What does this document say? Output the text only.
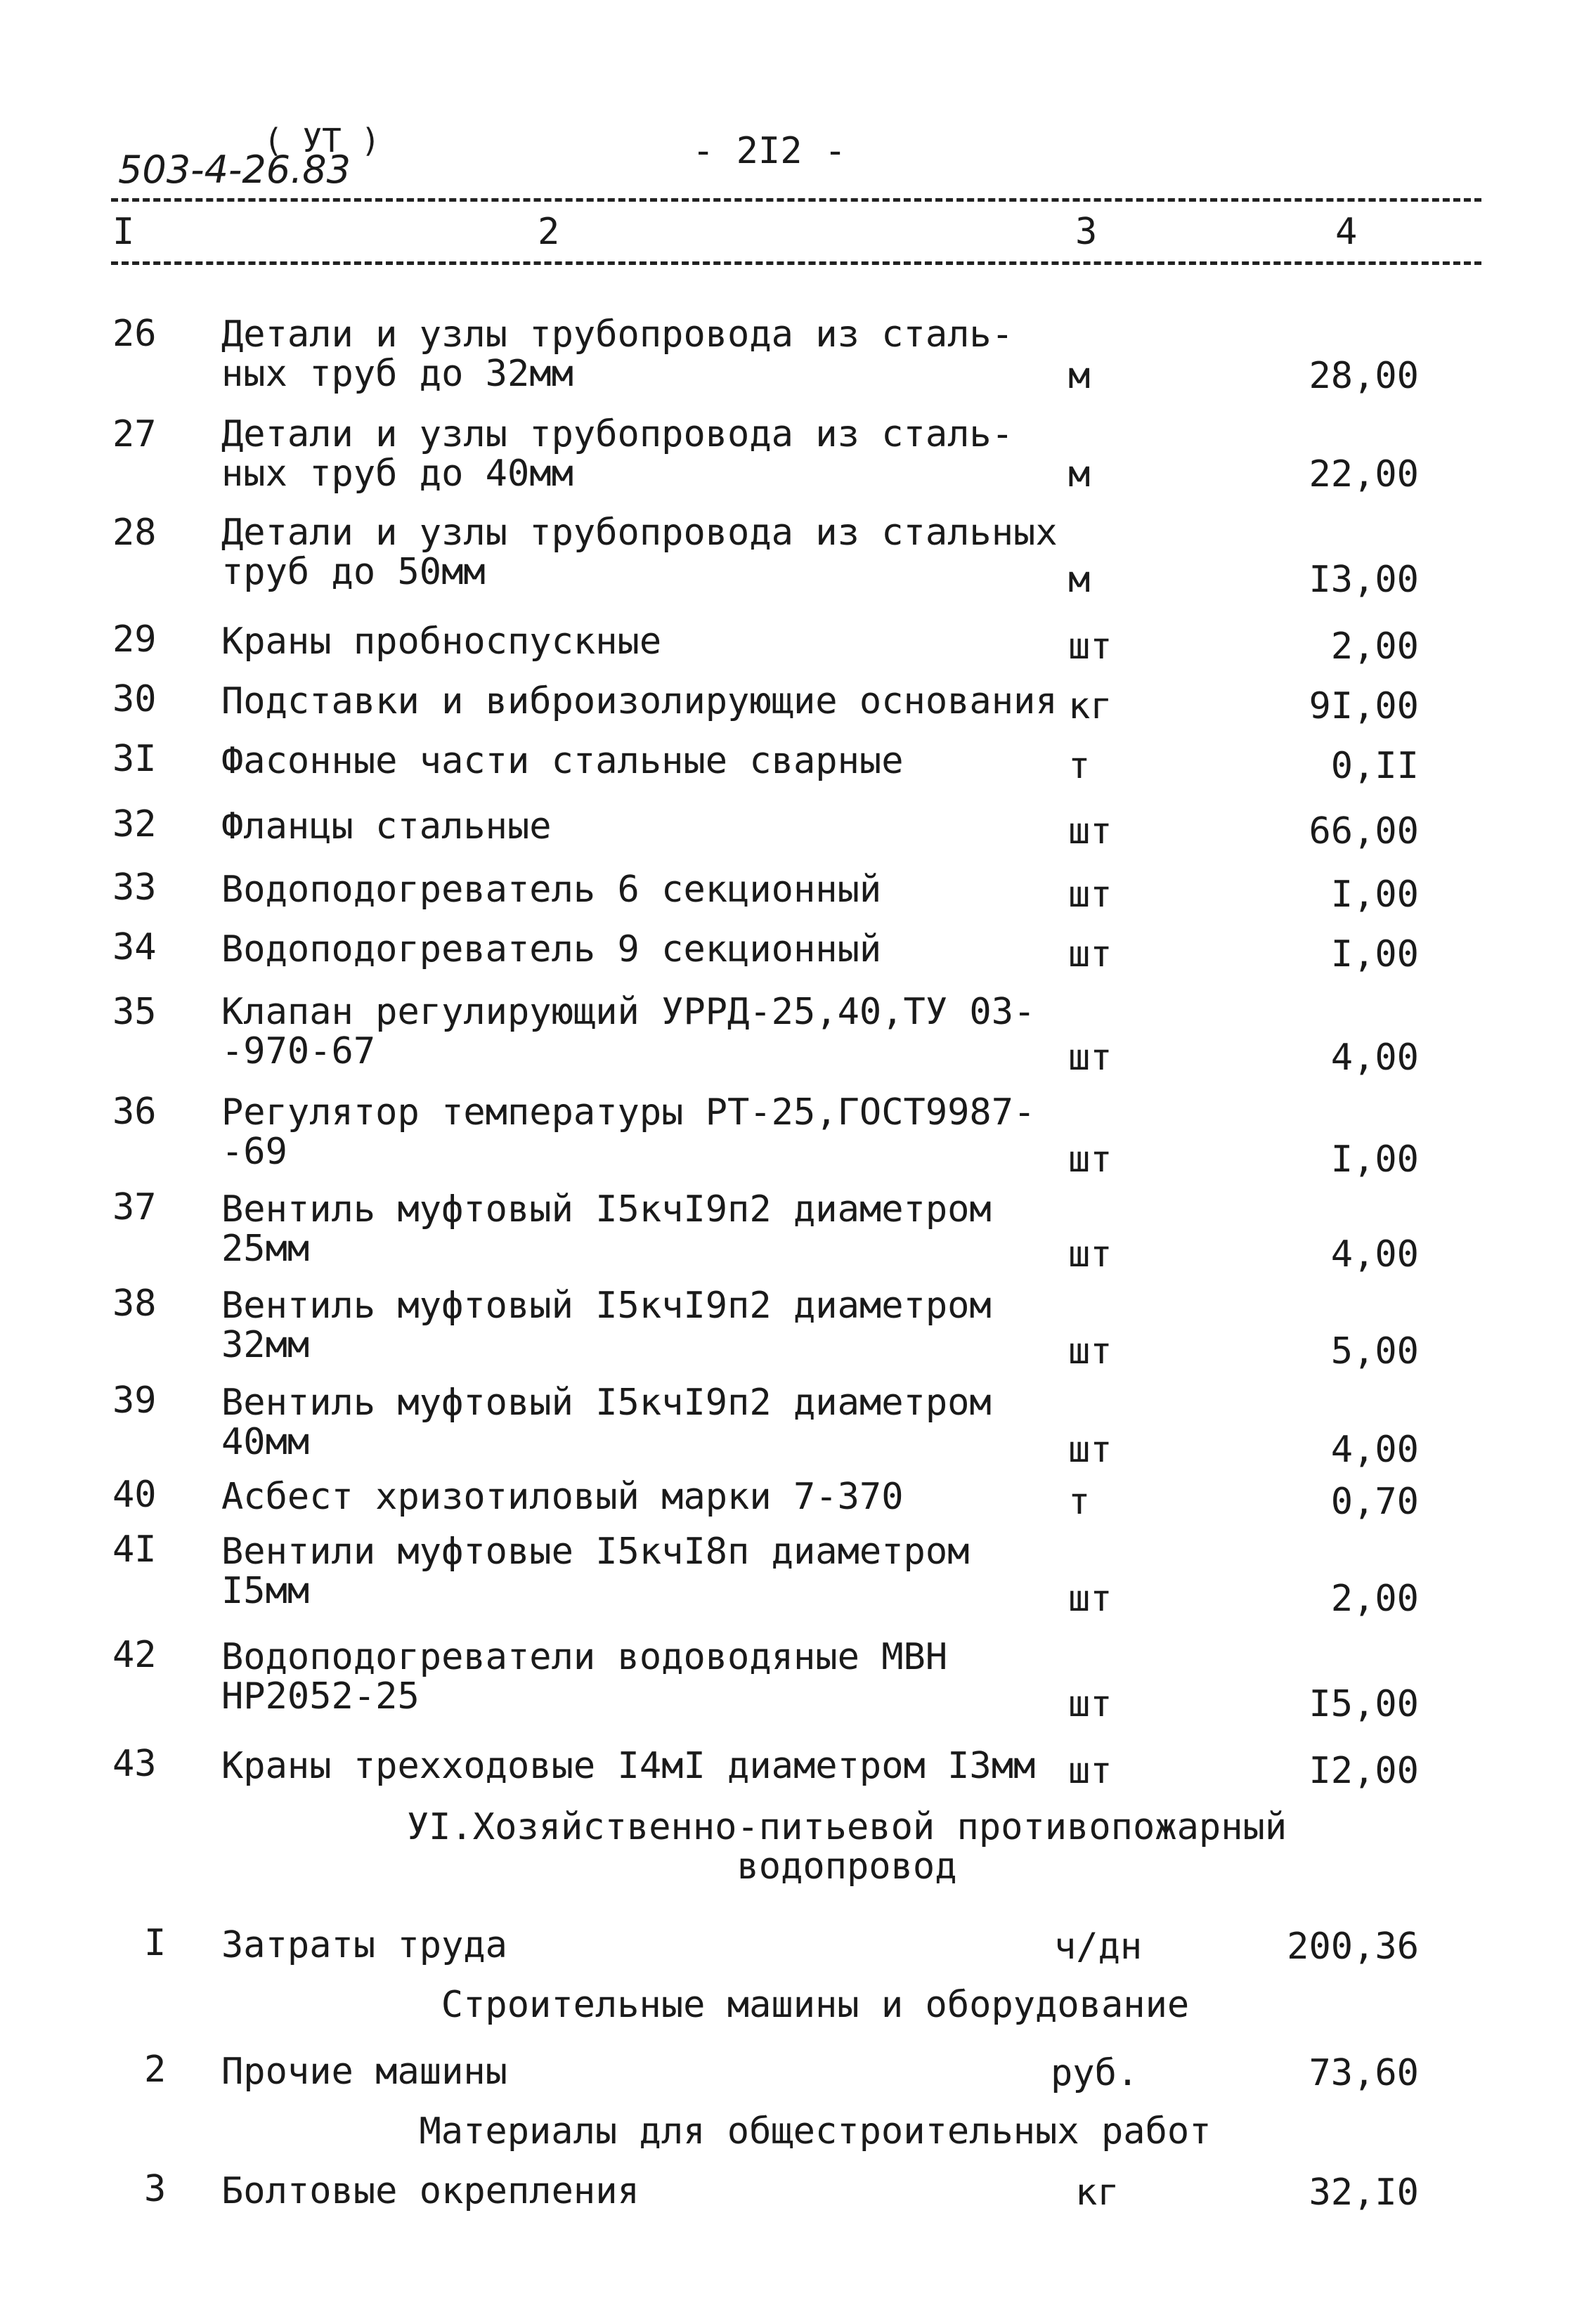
503-4-26.83
( УТ )	- 2I2 -
I	2	3	4
26 Детали и узлы трубопровода из сталь-
ных труб до 32мм	м	28,00
27 Детали и узлы трубопровода из сталь-
ных труб до 40мм	м	22,00
28 Детали и узлы трубопровода из стальных
труб до 50мм	м	I3,00
29 Краны пробноспускные	шт	2,00
30 Подставки и виброизолирующие основания кг	9I,00
3I Фасонные части стальные сварные	т	0,II
32 Фланцы стальные	шт	66,00
33 Водоподогреватель 6 секционный	шт	I,00
34 Водоподогреватель 9 секционный	шт	I,00
35 Клапан регулирующий УРРД-25,40,ТУ 03-
-970-67	шт	4,00
36 Регулятор температуры РТ-25,ГОСТ9987-
-69	шт	I,00
37 Вентиль муфтовый I5кчI9п2 диаметром
25мм	шт	4,00
38 Вентиль муфтовый I5кчI9п2 диаметром
32мм	шт	5,00
39 Вентиль муфтовый I5кчI9п2 диаметром
40мм	шт	4,00
40 Асбест хризотиловый марки 7-370	т	0,70
4I Вентили муфтовые I5кчI8п диаметром
I5мм	шт	2,00
42 Водоподогреватели водоводяные МВН
НР2052-25	шт	I5,00
43 Краны трехходовые I4мI диаметром I3мм шт	I2,00
УI.Хозяйственно-питьевой противопожарный
водопровод
I Затраты труда	ч/дн	200,36
Строительные машины и оборудование
2 Прочие машины	руб.	73,60
Материалы для общестроительных работ
3 Болтовые окрепления	кг	32,I0
